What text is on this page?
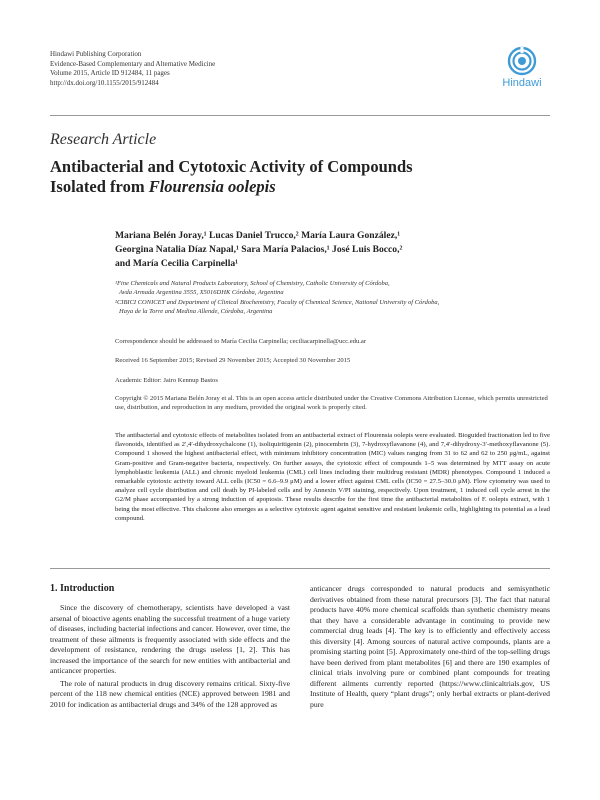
Hindawi Publishing Corporation
Evidence-Based Complementary and Alternative Medicine
Volume 2015, Article ID 912484, 11 pages
http://dx.doi.org/10.1155/2015/912484	Hindawi
Research Article
Antibacterial and Cytotoxic Activity of Compounds
Isolated from Flourensia oolepis
Mariana Belén Joray,¹ Lucas Daniel Trucco,² María Laura González,¹
Georgina Natalia Díaz Napal,¹ Sara María Palacios,¹ José Luis Bocco,²
and María Cecilia Carpinella¹
¹Fine Chemicals and Natural Products Laboratory, School of Chemistry, Catholic University of Córdoba,
Avda Armada Argentina 3555, X5016DHK Córdoba, Argentina
²CIBICI CONICET and Department of Clinical Biochemistry, Faculty of Chemical Science, National University of Córdoba,
Haya de la Torre and Medina Allende, Córdoba, Argentina
Correspondence should be addressed to María Cecilia Carpinella; ceciliacarpinella@ucc.edu.ar
Received 16 September 2015; Revised 29 November 2015; Accepted 30 November 2015
Academic Editor: Jairo Kennup Bastos
Copyright © 2015 Mariana Belén Joray et al. This is an open access article distributed under the Creative Commons Attribution License, which permits unrestricted use, distribution, and reproduction in any medium, provided the original work is properly cited.
The antibacterial and cytotoxic effects of metabolites isolated from an antibacterial extract of Flourensia oolepis were evaluated. Bioguided fractionation led to five flavonoids, identified as 2′,4′-dihydroxychalcone (1), isoliquiritigenin (2), pinocembrin (3), 7-hydroxyflavanone (4), and 7,4′-dihydroxy-3′-methoxyflavanone (5). Compound 1 showed the highest antibacterial effect, with minimum inhibitory concentration (MIC) values ranging from 31 to 62 and 62 to 250 μg/mL, against Gram-positive and Gram-negative bacteria, respectively. On further assays, the cytotoxic effect of compounds 1–5 was determined by MTT assay on acute lymphoblastic leukemia (ALL) and chronic myeloid leukemia (CML) cell lines including their multidrug resistant (MDR) phenotypes. Compound 1 induced a remarkable cytotoxic activity toward ALL cells (IC50 = 6.6–9.9 μM) and a lower effect against CML cells (IC50 = 27.5–30.0 μM). Flow cytometry was used to analyze cell cycle distribution and cell death by PI-labeled cells and by Annexin V/PI staining, respectively. Upon treatment, 1 induced cell cycle arrest in the G2/M phase accompanied by a strong induction of apoptosis. These results describe for the first time the antibacterial metabolites of F. oolepis extract, with 1 being the most effective. This chalcone also emerges as a selective cytotoxic agent against sensitive and resistant leukemic cells, highlighting its potential as a lead compound.
1. Introduction

Since the discovery of chemotherapy, scientists have developed a vast arsenal of bioactive agents enabling the successful treatment of a huge variety of diseases, including bacterial infections and cancer. However, over time, the treatment of these ailments is frequently associated with side effects and the development of resistance, rendering the drugs useless [1, 2]. This has increased the importance of the search for new entities with antibacterial and anticancer properties.

The role of natural products in drug discovery remains critical. Sixty-five percent of the 118 new chemical entities (NCE) approved between 1981 and 2010 for indication as antibacterial drugs and 34% of the 128 approved as

anticancer drugs corresponded to natural products and semisynthetic derivatives obtained from these natural precursors [3]. The fact that natural products have 40% more chemical scaffolds than synthetic chemistry means that they have a considerable advantage in continuing to provide new commercial drug leads [4]. The key is to efficiently and effectively access this diversity [4]. Among sources of natural active compounds, plants are a promising starting point [5]. Approximately one-third of the top-selling drugs have been derived from plant metabolites [6] and there are 190 examples of clinical trials involving pure or combined plant compounds for treating different ailments currently reported (https://www.clinicaltrials.gov, US Institute of Health, query “plant drugs”; only herbal extracts or plant-derived pure
